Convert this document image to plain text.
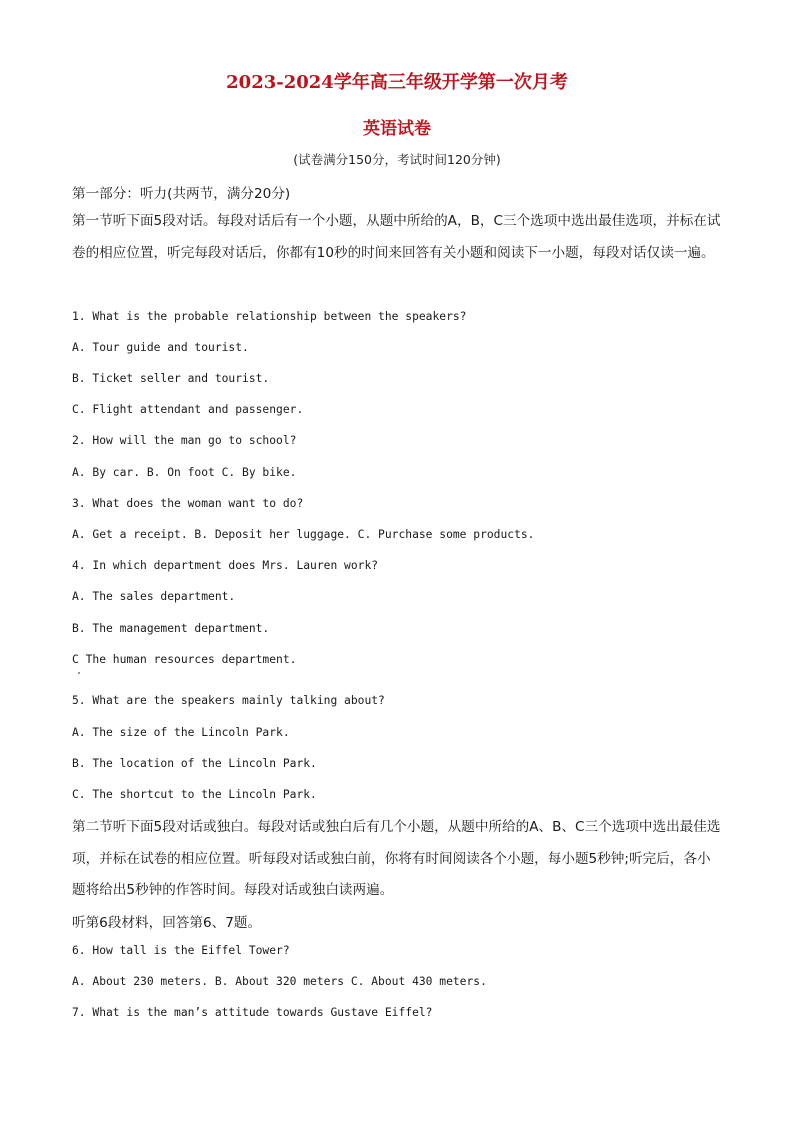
2023-2024学年高三年级开学第一次月考
英语试卷
(试卷满分150分，考试时间120分钟)
第一部分：听力(共两节，满分20分)
第一节听下面5段对话。每段对话后有一个小题，从题中所给的A，B，C三个选项中选出最佳选项，并标在试卷的相应位置，听完每段对话后，你都有10秒的时间来回答有关小题和阅读下一小题，每段对话仅读一遍。
1. What is the probable relationship between the speakers?
A. Tour guide and tourist.
B. Ticket seller and tourist.
C. Flight attendant and passenger.
2. How will the man go to school?
A. By car. B. On foot C. By bike.
3. What does the woman want to do?
A. Get a receipt. B. Deposit her luggage. C. Purchase some products.
4. In which department does Mrs. Lauren work?
A. The sales department.
B. The management department.
C The human resources department.
5. What are the speakers mainly talking about?
A. The size of the Lincoln Park.
B. The location of the Lincoln Park.
C. The shortcut to the Lincoln Park.
第二节听下面5段对话或独白。每段对话或独白后有几个小题，从题中所给的A、B、C三个选项中选出最佳选项，并标在试卷的相应位置。听每段对话或独白前，你将有时间阅读各个小题，每小题5秒钟;听完后，各小题将给出5秒钟的作答时间。每段对话或独白读两遍。
听第6段材料，回答第6、7题。
6. How tall is the Eiffel Tower?
A. About 230 meters. B. About 320 meters C. About 430 meters.
7. What is the man’s attitude towards Gustave Eiffel?
